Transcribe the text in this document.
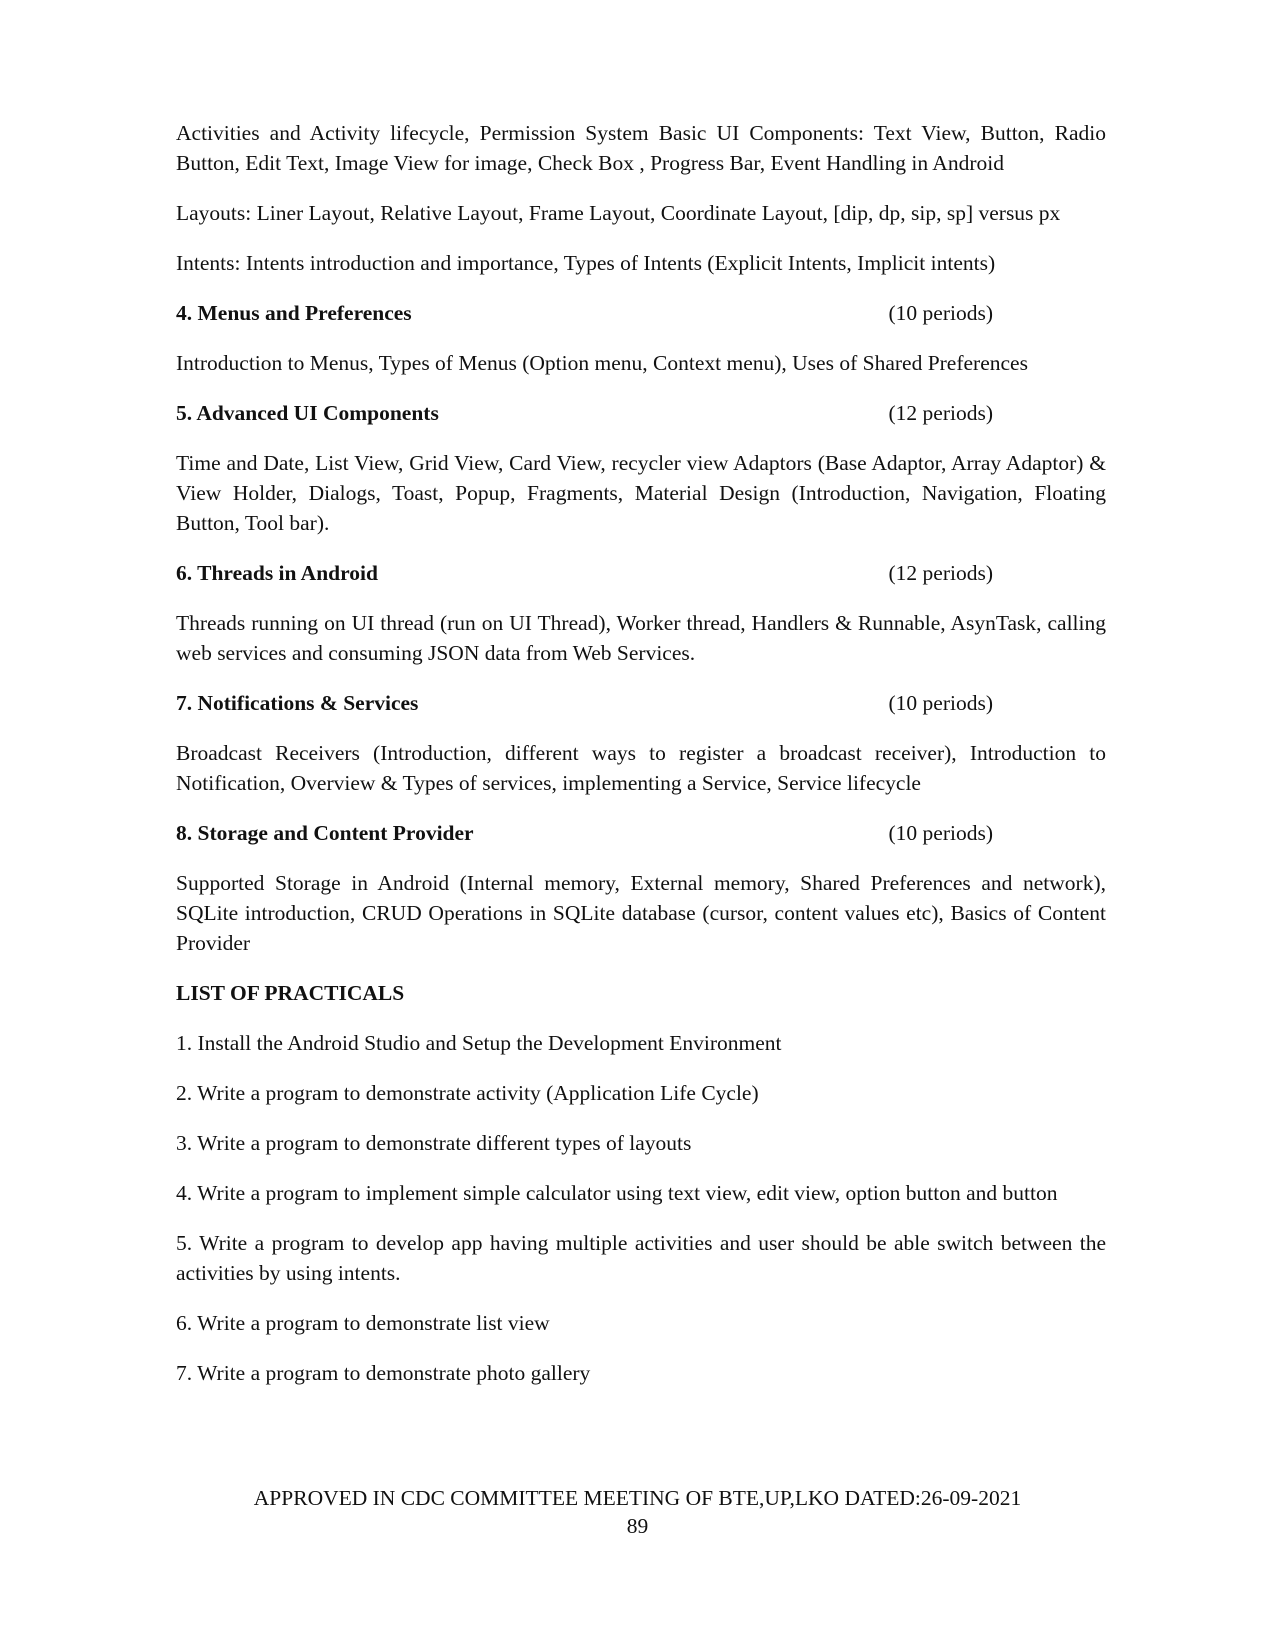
Activities and Activity lifecycle, Permission System Basic UI Components: Text View, Button, Radio Button, Edit Text, Image View for image, Check Box , Progress Bar, Event Handling in Android

Layouts: Liner Layout, Relative Layout, Frame Layout, Coordinate Layout, [dip, dp, sip, sp] versus px

Intents: Intents introduction and importance, Types of Intents (Explicit Intents, Implicit intents)

4. Menus and Preferences	(10 periods)

Introduction to Menus, Types of Menus (Option menu, Context menu), Uses of Shared Preferences

5. Advanced UI Components	(12 periods)

Time and Date, List View, Grid View, Card View, recycler view Adaptors (Base Adaptor, Array Adaptor) & View Holder, Dialogs, Toast, Popup, Fragments, Material Design (Introduction, Navigation, Floating Button, Tool bar).

6. Threads in Android	(12 periods)

Threads running on UI thread (run on UI Thread), Worker thread, Handlers & Runnable, AsynTask, calling web services and consuming JSON data from Web Services.

7. Notifications & Services	(10 periods)

Broadcast Receivers (Introduction, different ways to register a broadcast receiver), Introduction to Notification, Overview & Types of services, implementing a Service, Service lifecycle

8. Storage and Content Provider	(10 periods)

Supported Storage in Android (Internal memory, External memory, Shared Preferences and network), SQLite introduction, CRUD Operations in SQLite database (cursor, content values etc), Basics of Content Provider

LIST OF PRACTICALS

1. Install the Android Studio and Setup the Development Environment

2. Write a program to demonstrate activity (Application Life Cycle)

3. Write a program to demonstrate different types of layouts

4. Write a program to implement simple calculator using text view, edit view, option button and button

5. Write a program to develop app having multiple activities and user should be able switch between the activities by using intents.

6. Write a program to demonstrate list view

7. Write a program to demonstrate photo gallery

APPROVED IN CDC COMMITTEE MEETING OF BTE,UP,LKO DATED:26-09-2021
89
